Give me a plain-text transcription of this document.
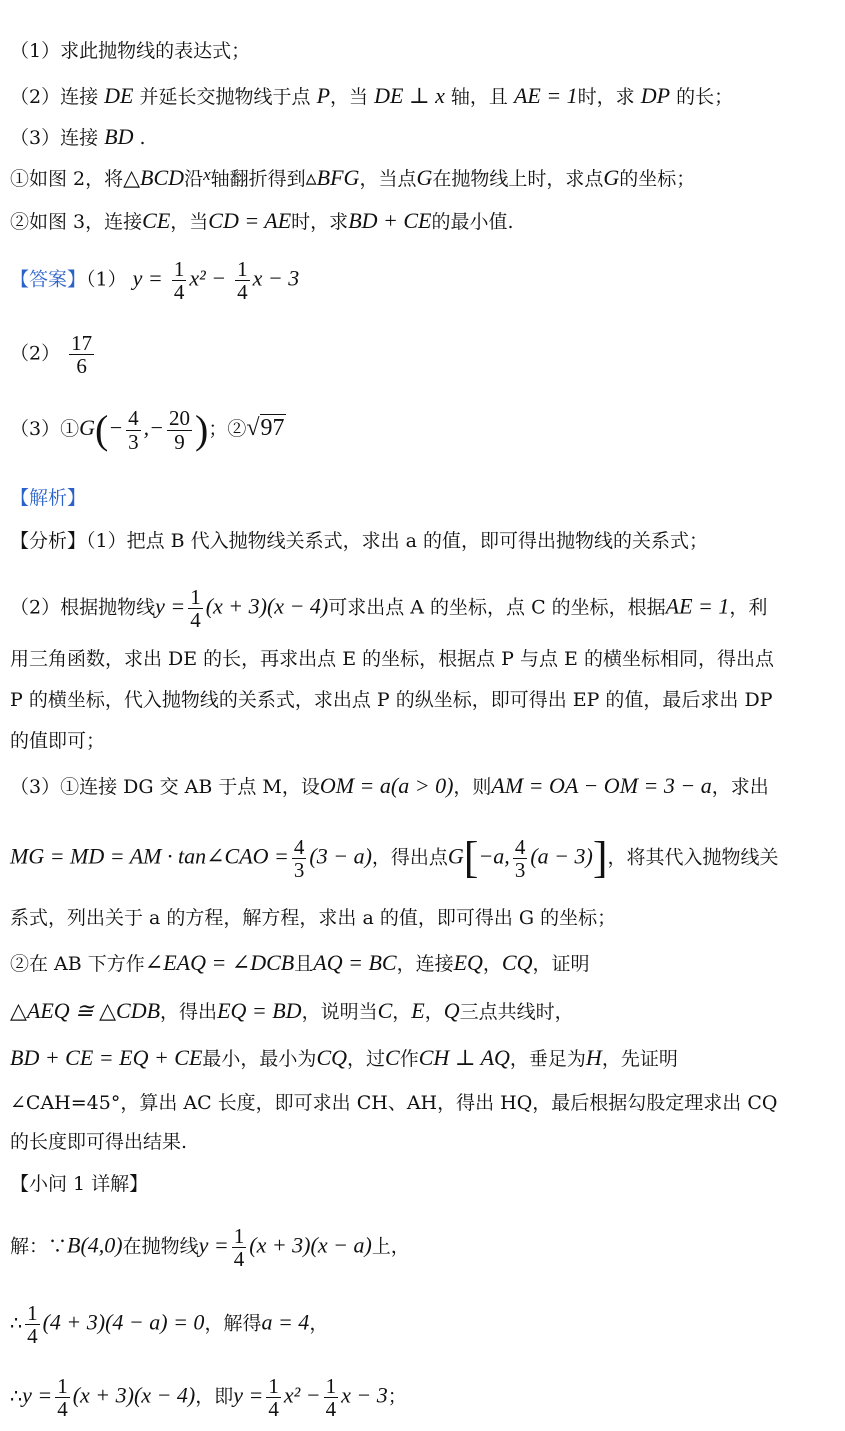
（1）求此抛物线的表达式；
（2）连接 DE 并延长交抛物线于点 P，当 DE ⊥ x 轴，且 AE = 1时，求 DP 的长；
（3）连接 BD .
①如图 2，将△BCD沿x轴翻折得到▵BFG，当点G在抛物线上时，求点G的坐标；
②如图 3，连接CE，当CD = AE时，求BD + CE的最小值.
【答案】（1） $y = \frac{1}{4} x^2 - \frac{1}{4}$ x − 3
$(2) \frac{17}{6}$
（3）①G(− $\frac{4}{3}$ ,− $\frac{20}{9}$ )；②√97
【解析】
【分析】（1）把点 B 代入抛物线关系式，求出 a 的值，即可得出抛物线的关系式；
（2）根据抛物线$y = \frac{1}{4} (x + 3)(x - 4)$可求出点 A 的坐标，点 C 的坐标，根据AE = 1，利
用三角函数，求出 DE 的长，再求出点 E 的坐标，根据点 P 与点 E 的横坐标相同，得出点
P 的横坐标，代入抛物线的关系式，求出点 P 的纵坐标，即可得出 EP 的值，最后求出 DP
的值即可；
（3）①连接 DG 交 AB 于点 M，设OM = a(a > 0)，则AM = OA − OM = 3 − a，求出
MG = MD = AM · tan∠CAO = $\frac{4}{3} (3 - a)$，得出点G[−a, $\frac{4}{3} (a - 3)$]，将其代入抛物线关
系式，列出关于 a 的方程，解方程，求出 a 的值，即可得出 G 的坐标；
②在 AB 下方作∠EAQ = ∠DCB且AQ = BC，连接EQ，CQ，证明
△AEQ ≅ △CDB，得出EQ = BD，说明当C，E，Q三点共线时，
BD + CE = EQ + CE最小，最小为CQ，过C作CH ⊥ AQ，垂足为H，先证明
∠CAH=45°，算出 AC 长度，即可求出 CH、AH，得出 HQ，最后根据勾股定理求出 CQ
的长度即可得出结果.
【小问 1 详解】
解：∵B(4,0)在抛物线$y = \frac{1}{4} (x + 3)(x - a)$上，
∴ $\frac{1}{4} (4 + 3)(4 - a) = 0$，解得a = 4，
∴y = $\frac{1}{4} (x + 3)(x - 4)$，即$y = \frac{1}{4} x^2 - \frac{1}{4}$ x − 3；
